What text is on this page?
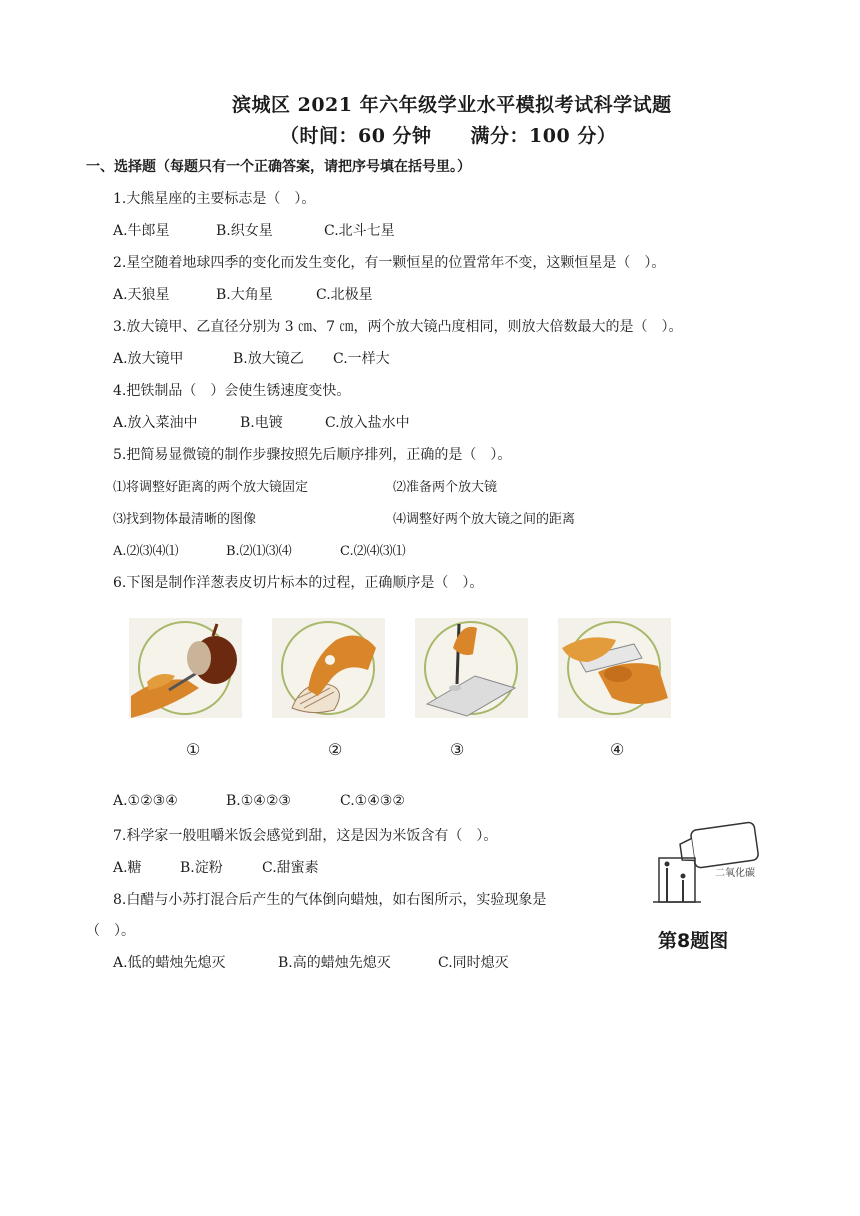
滨城区 2021 年六年级学业水平模拟考试科学试题
（时间：60 分钟　　满分：100 分）
一、选择题（每题只有一个正确答案，请把序号填在括号里。）
1.大熊星座的主要标志是（　）。
A.牛郎星	B.织女星	C.北斗七星
2.星空随着地球四季的变化而发生变化，有一颗恒星的位置常年不变，这颗恒星是（　）。
A.天狼星	B.大角星	C.北极星
3.放大镜甲、乙直径分别为 3 ㎝、7 ㎝，两个放大镜凸度相同，则放大倍数最大的是（　）。
A.放大镜甲	B.放大镜乙 C.一样大
4.把铁制品（　）会使生锈速度变快。
A.放入菜油中	B.电镀	C.放入盐水中
5.把简易显微镜的制作步骤按照先后顺序排列，正确的是（　）。
⑴将调整好距离的两个放大镜固定	⑵准备两个放大镜
⑶找到物体最清晰的图像	⑷调整好两个放大镜之间的距离
A.⑵⑶⑷⑴	B.⑵⑴⑶⑷	C.⑵⑷⑶⑴
6.下图是制作洋葱表皮切片标本的过程，正确顺序是（　）。
①	②	③	④
A.①②③④	B.①④②③	C.①④③②
7.科学家一般咀嚼米饭会感觉到甜，这是因为米饭含有（　）。
A.糖	B.淀粉	C.甜蜜素	二氧化碳
第8题图
8.白醋与小苏打混合后产生的气体倒向蜡烛，如右图所示，实验现象是
（　）。
A.低的蜡烛先熄灭	B.高的蜡烛先熄灭	C.同时熄灭
